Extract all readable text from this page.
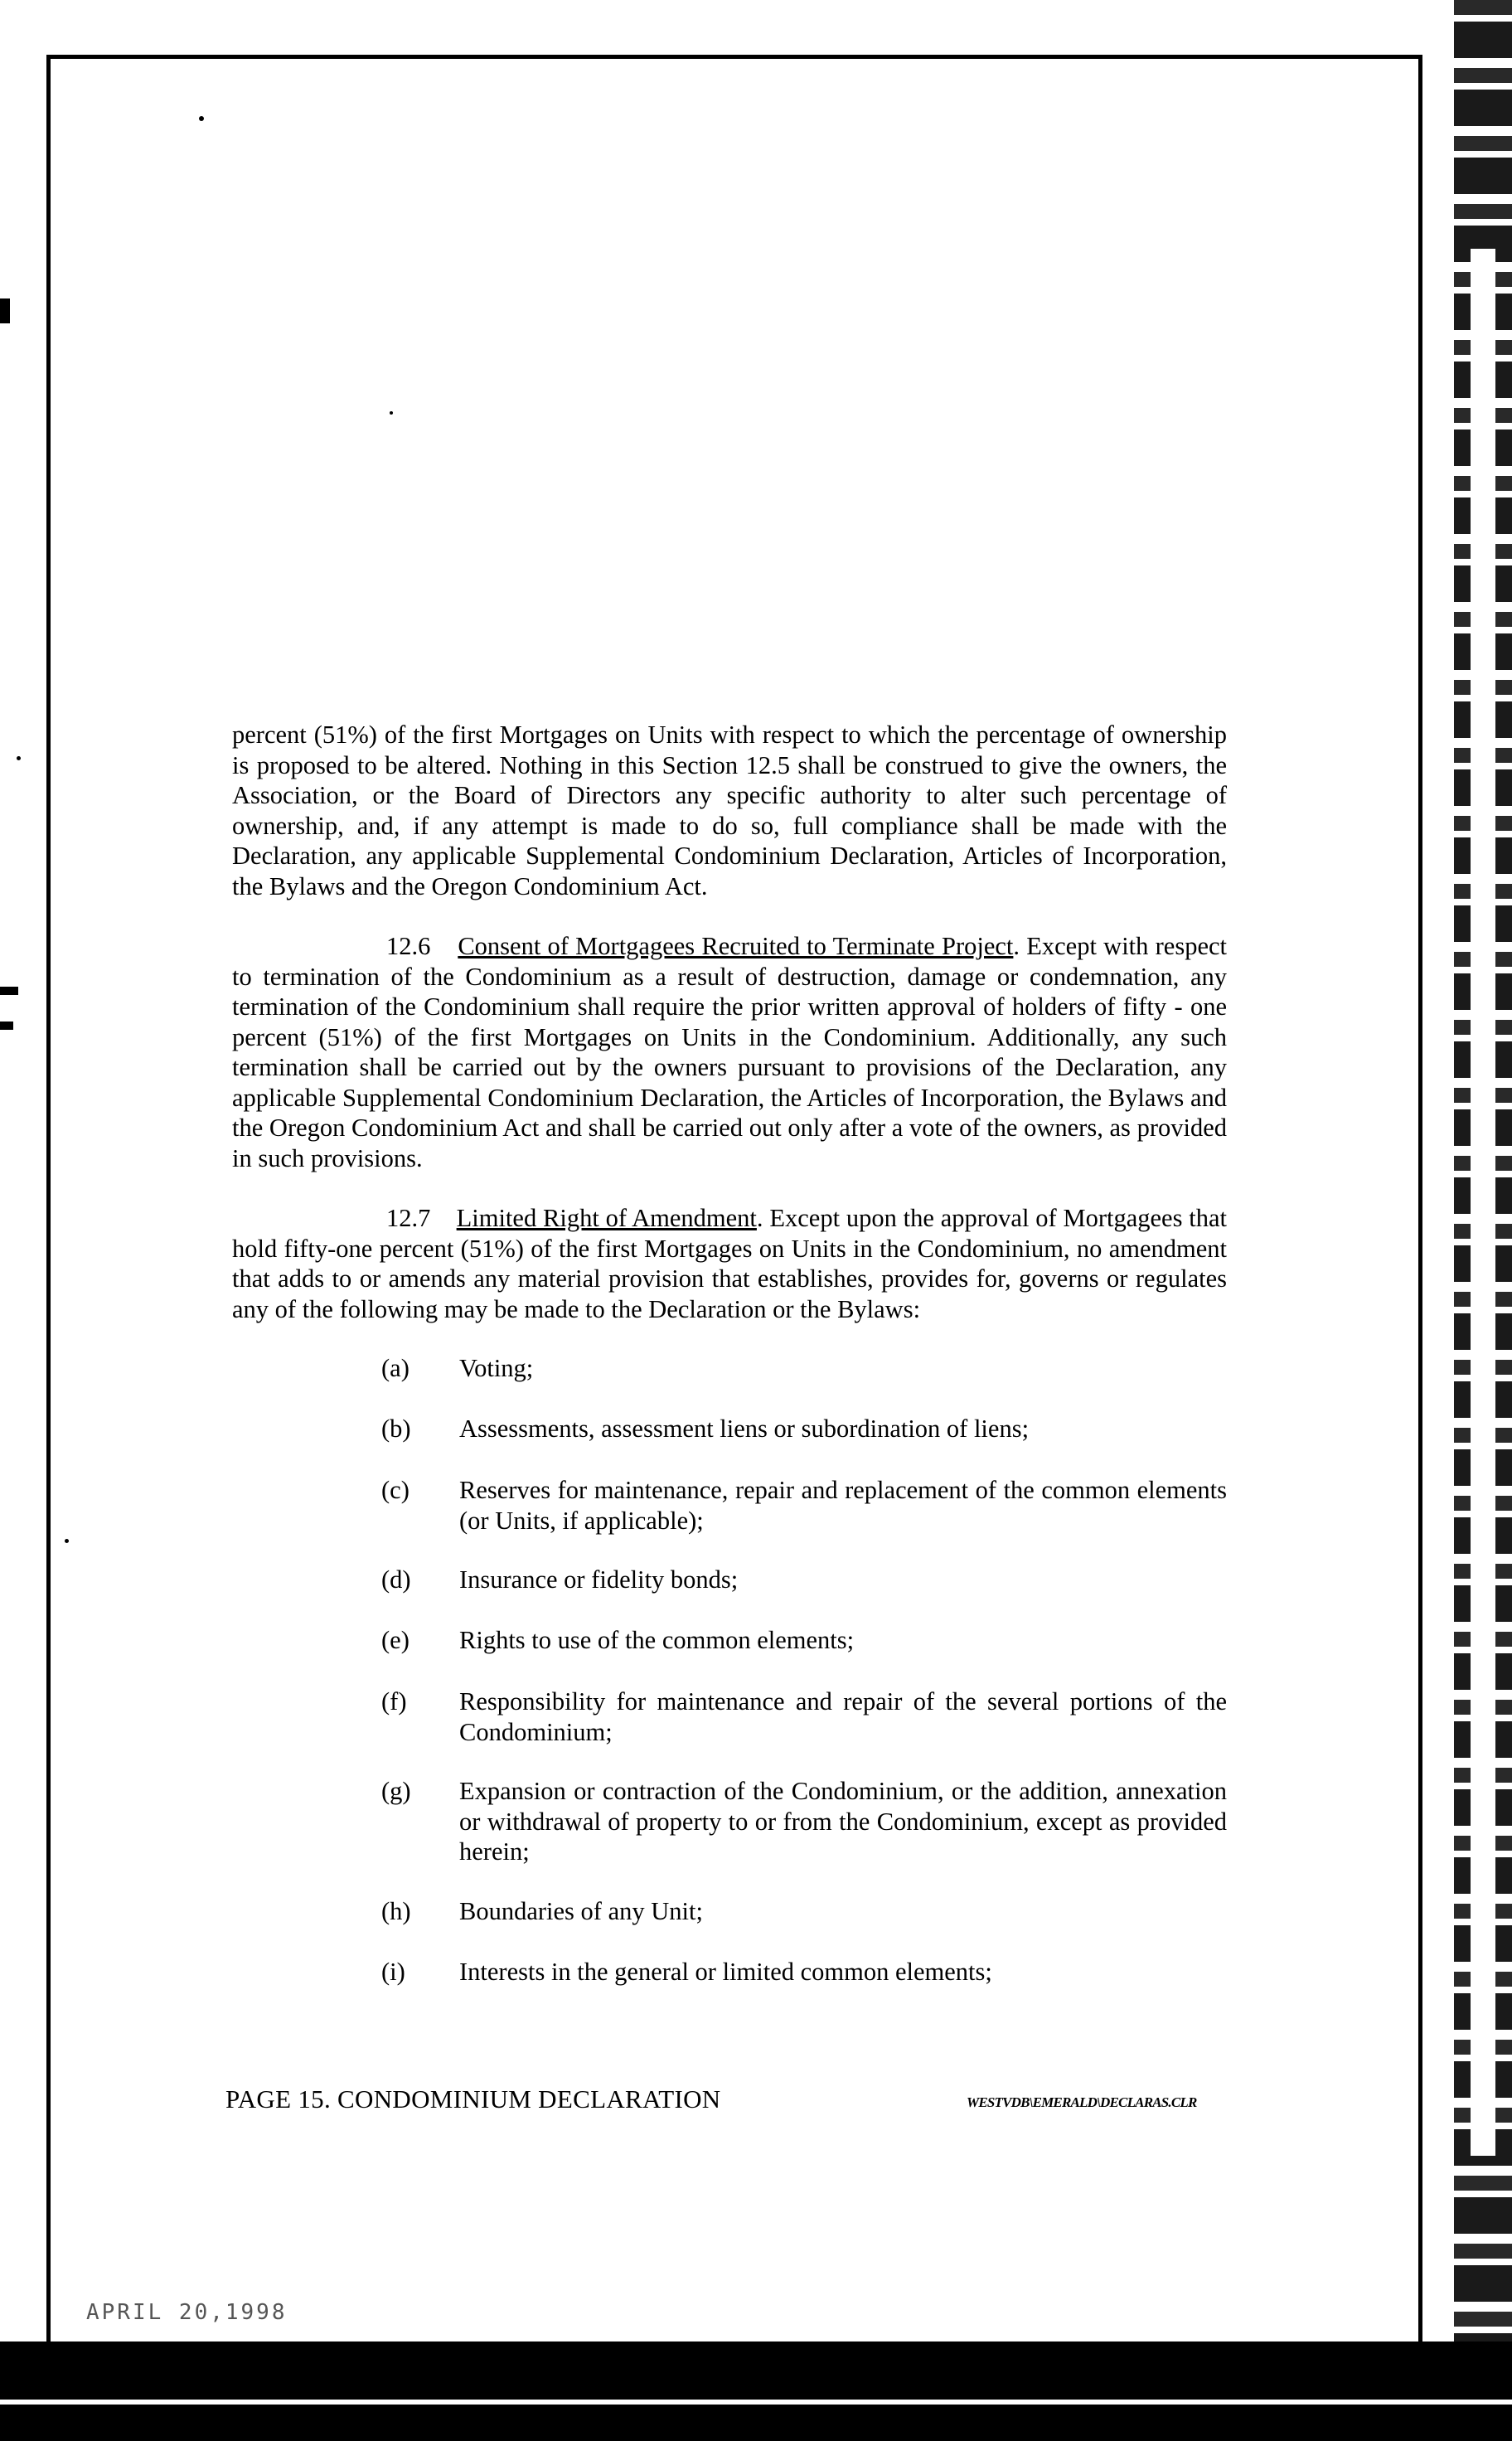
percent (51%) of the first Mortgages on Units with respect to which the percentage of ownership is proposed to be altered. Nothing in this Section 12.5 shall be construed to give the owners, the Association, or the Board of Directors any specific authority to alter such percentage of ownership, and, if any attempt is made to do so, full compliance shall be made with the Declaration, any applicable Supplemental Condominium Declaration, Articles of Incorporation, the Bylaws and the Oregon Condominium Act.

12.6 Consent of Mortgagees Recruited to Terminate Project. Except with respect to termination of the Condominium as a result of destruction, damage or condemnation, any termination of the Condominium shall require the prior written approval of holders of fifty - one percent (51%) of the first Mortgages on Units in the Condominium. Additionally, any such termination shall be carried out by the owners pursuant to provisions of the Declaration, any applicable Supplemental Condominium Declaration, the Articles of Incorporation, the Bylaws and the Oregon Condominium Act and shall be carried out only after a vote of the owners, as provided in such provisions.

12.7 Limited Right of Amendment. Except upon the approval of Mortgagees that hold fifty-one percent (51%) of the first Mortgages on Units in the Condominium, no amendment that adds to or amends any material provision that establishes, provides for, governs or regulates any of the following may be made to the Declaration or the Bylaws:

(a) Voting;
(b) Assessments, assessment liens or subordination of liens;
(c) Reserves for maintenance, repair and replacement of the common elements (or Units, if applicable);
(d) Insurance or fidelity bonds;
(e) Rights to use of the common elements;
(f) Responsibility for maintenance and repair of the several portions of the Condominium;
(g) Expansion or contraction of the Condominium, or the addition, annexation or withdrawal of property to or from the Condominium, except as provided herein;
(h) Boundaries of any Unit;
(i) Interests in the general or limited common elements;
PAGE 15. CONDOMINIUM DECLARATION	WESTVDB\EMERALD\DECLARAS.CLR
APRIL 20,1998
